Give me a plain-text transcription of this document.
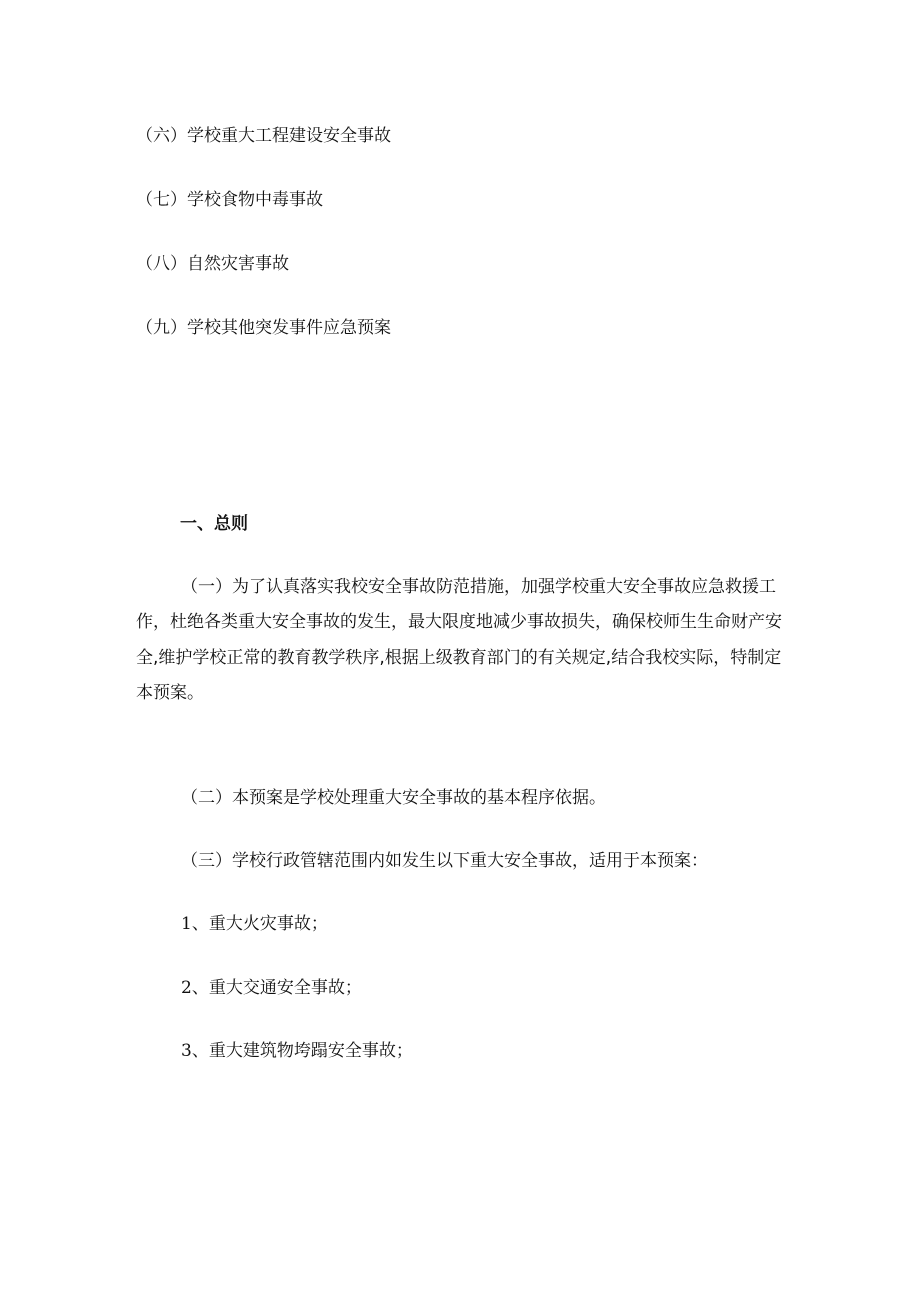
（六）学校重大工程建设安全事故
（七）学校食物中毒事故
（八）自然灾害事故
（九）学校其他突发事件应急预案
一、总则
（一）为了认真落实我校安全事故防范措施，加强学校重大安全事故应急救援工
作，杜绝各类重大安全事故的发生，最大限度地减少事故损失，确保校师生生命财产安
全,维护学校正常的教育教学秩序,根据上级教育部门的有关规定,结合我校实际，特制定
本预案。
（二）本预案是学校处理重大安全事故的基本程序依据。
（三）学校行政管辖范围内如发生以下重大安全事故，适用于本预案：
1、重大火灾事故；
2、重大交通安全事故；
3、重大建筑物垮蹋安全事故；
